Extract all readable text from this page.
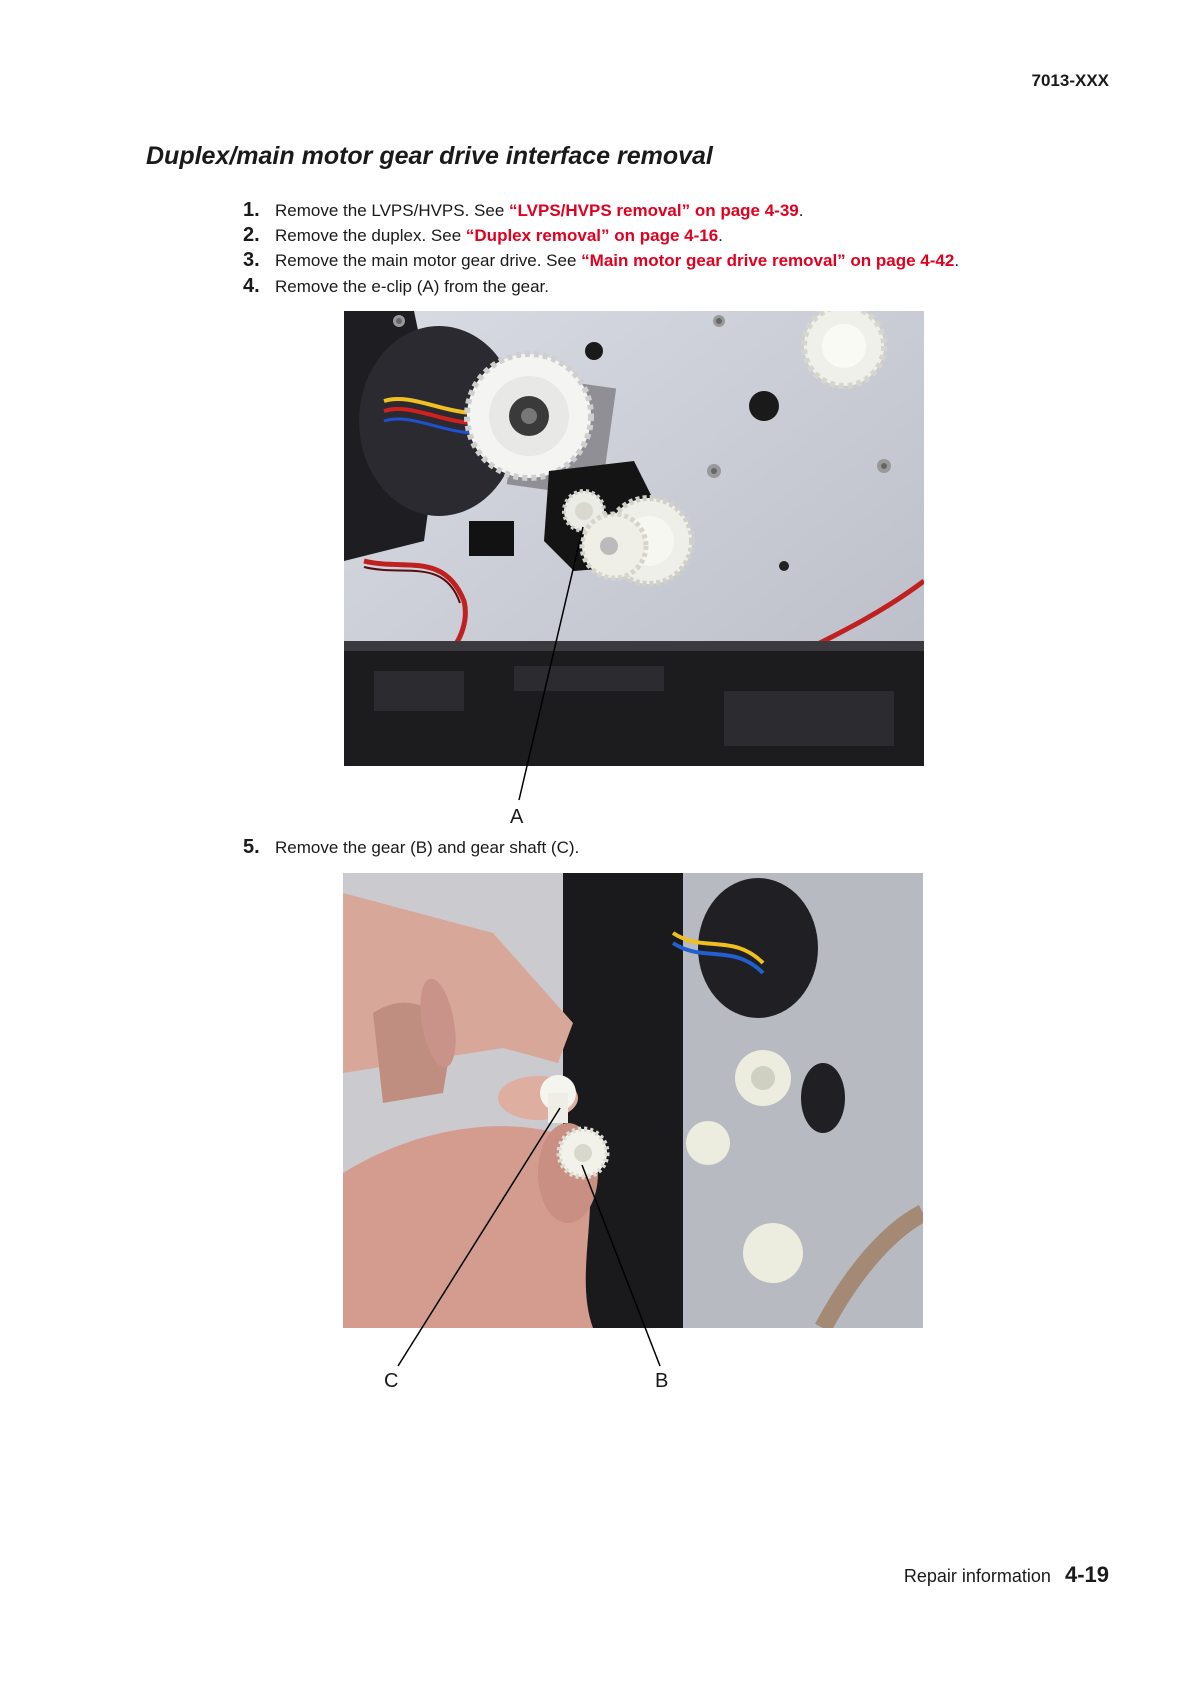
7013-XXX
Duplex/main motor gear drive interface removal
1. Remove the LVPS/HVPS. See “LVPS/HVPS removal” on page 4-39.
2. Remove the duplex. See “Duplex removal” on page 4-16.
3. Remove the main motor gear drive. See “Main motor gear drive removal” on page 4-42.
4. Remove the e-clip (A) from the gear.
5. Remove the gear (B) and gear shaft (C).
A
C	B
Repair information 4-19
